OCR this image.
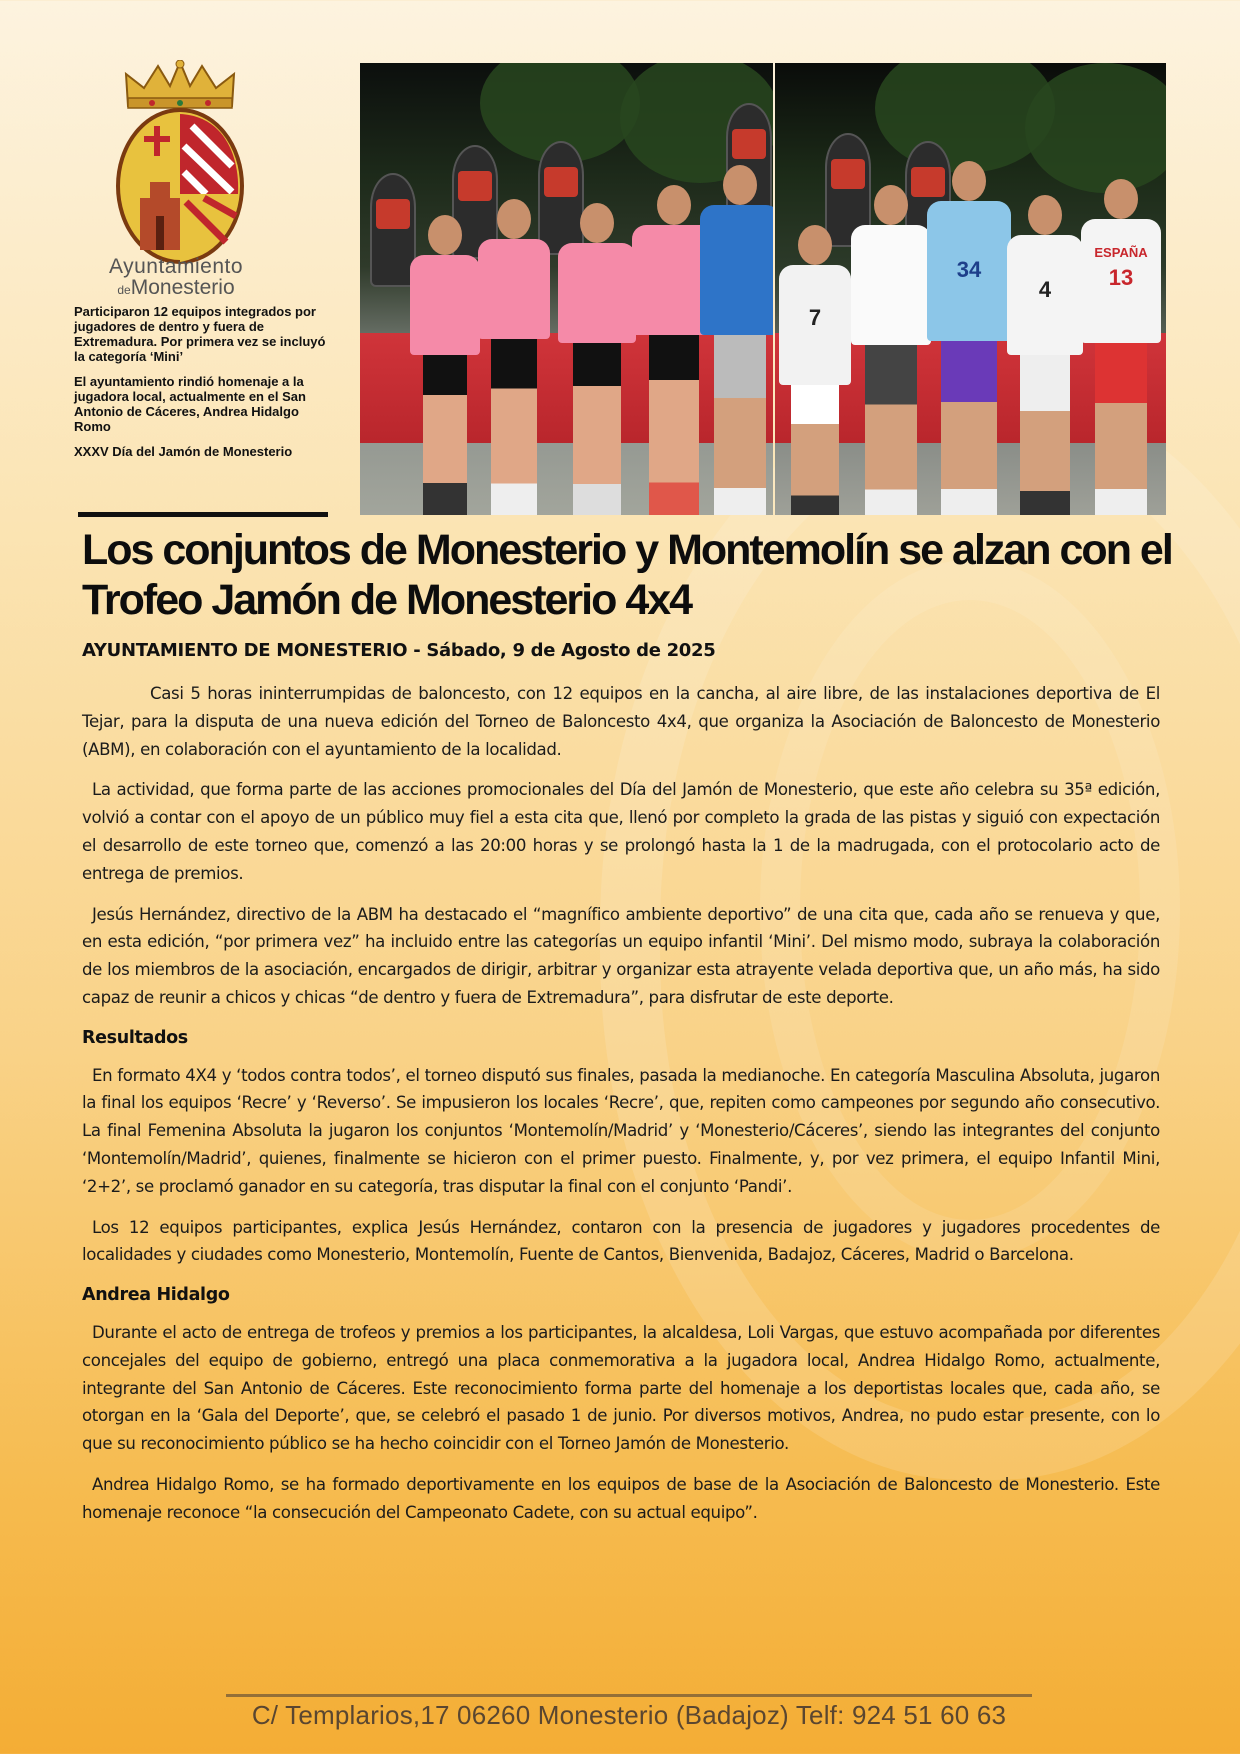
Ayuntamiento
deMonesterio

Participaron 12 equipos integrados por jugadores de dentro y fuera de Extremadura. Por primera vez se incluyó la categoría ‘Mini’

El ayuntamiento rindió homenaje a la jugadora local, actualmente en el San Antonio de Cáceres, Andrea Hidalgo Romo

XXXV Día del Jamón de Monesterio

7
34
4
ESPAÑA
13
Los conjuntos de Monesterio y Montemolín se alzan con el Trofeo Jamón de Monesterio 4x4
AYUNTAMIENTO DE MONESTERIO - Sábado, 9 de Agosto de 2025

Casi 5 horas ininterrumpidas de baloncesto, con 12 equipos en la cancha, al aire libre, de las instalaciones deportiva de El Tejar, para la disputa de una nueva edición del Torneo de Baloncesto 4x4, que organiza la Asociación de Baloncesto de Monesterio (ABM), en colaboración con el ayuntamiento de la localidad.

La actividad, que forma parte de las acciones promocionales del Día del Jamón de Monesterio, que este año celebra su 35ª edición, volvió a contar con el apoyo de un público muy fiel a esta cita que, llenó por completo la grada de las pistas y siguió con expectación el desarrollo de este torneo que, comenzó a las 20:00 horas y se prolongó hasta la 1 de la madrugada, con el protocolario acto de entrega de premios.

Jesús Hernández, directivo de la ABM ha destacado el “magnífico ambiente deportivo” de una cita que, cada año se renueva y que, en esta edición, “por primera vez” ha incluido entre las categorías un equipo infantil ‘Mini’. Del mismo modo, subraya la colaboración de los miembros de la asociación, encargados de dirigir, arbitrar y organizar esta atrayente velada deportiva que, un año más, ha sido capaz de reunir a chicos y chicas “de dentro y fuera de Extremadura”, para disfrutar de este deporte.

Resultados

En formato 4X4 y ‘todos contra todos’, el torneo disputó sus finales, pasada la medianoche. En categoría Masculina Absoluta, jugaron la final los equipos ‘Recre’ y ‘Reverso’. Se impusieron los locales ‘Recre’, que, repiten como campeones por segundo año consecutivo. La final Femenina Absoluta la jugaron los conjuntos ‘Montemolín/Madrid’ y ‘Monesterio/Cáceres’, siendo las integrantes del conjunto ‘Montemolín/Madrid’, quienes, finalmente se hicieron con el primer puesto. Finalmente, y, por vez primera, el equipo Infantil Mini, ‘2+2’, se proclamó ganador en su categoría, tras disputar la final con el conjunto ‘Pandi’.

Los 12 equipos participantes, explica Jesús Hernández, contaron con la presencia de jugadores y jugadores procedentes de localidades y ciudades como Monesterio, Montemolín, Fuente de Cantos, Bienvenida, Badajoz, Cáceres, Madrid o Barcelona.

Andrea Hidalgo

Durante el acto de entrega de trofeos y premios a los participantes, la alcaldesa, Loli Vargas, que estuvo acompañada por diferentes concejales del equipo de gobierno, entregó una placa conmemorativa a la jugadora local, Andrea Hidalgo Romo, actualmente, integrante del San Antonio de Cáceres. Este reconocimiento forma parte del homenaje a los deportistas locales que, cada año, se otorgan en la ‘Gala del Deporte’, que, se celebró el pasado 1 de junio. Por diversos motivos, Andrea, no pudo estar presente, con lo que su reconocimiento público se ha hecho coincidir con el Torneo Jamón de Monesterio.

Andrea Hidalgo Romo, se ha formado deportivamente en los equipos de base de la Asociación de Baloncesto de Monesterio. Este homenaje reconoce “la consecución del Campeonato Cadete, con su actual equipo”.

C/ Templarios,17 06260 Monesterio (Badajoz) Telf: 924 51 60 63
